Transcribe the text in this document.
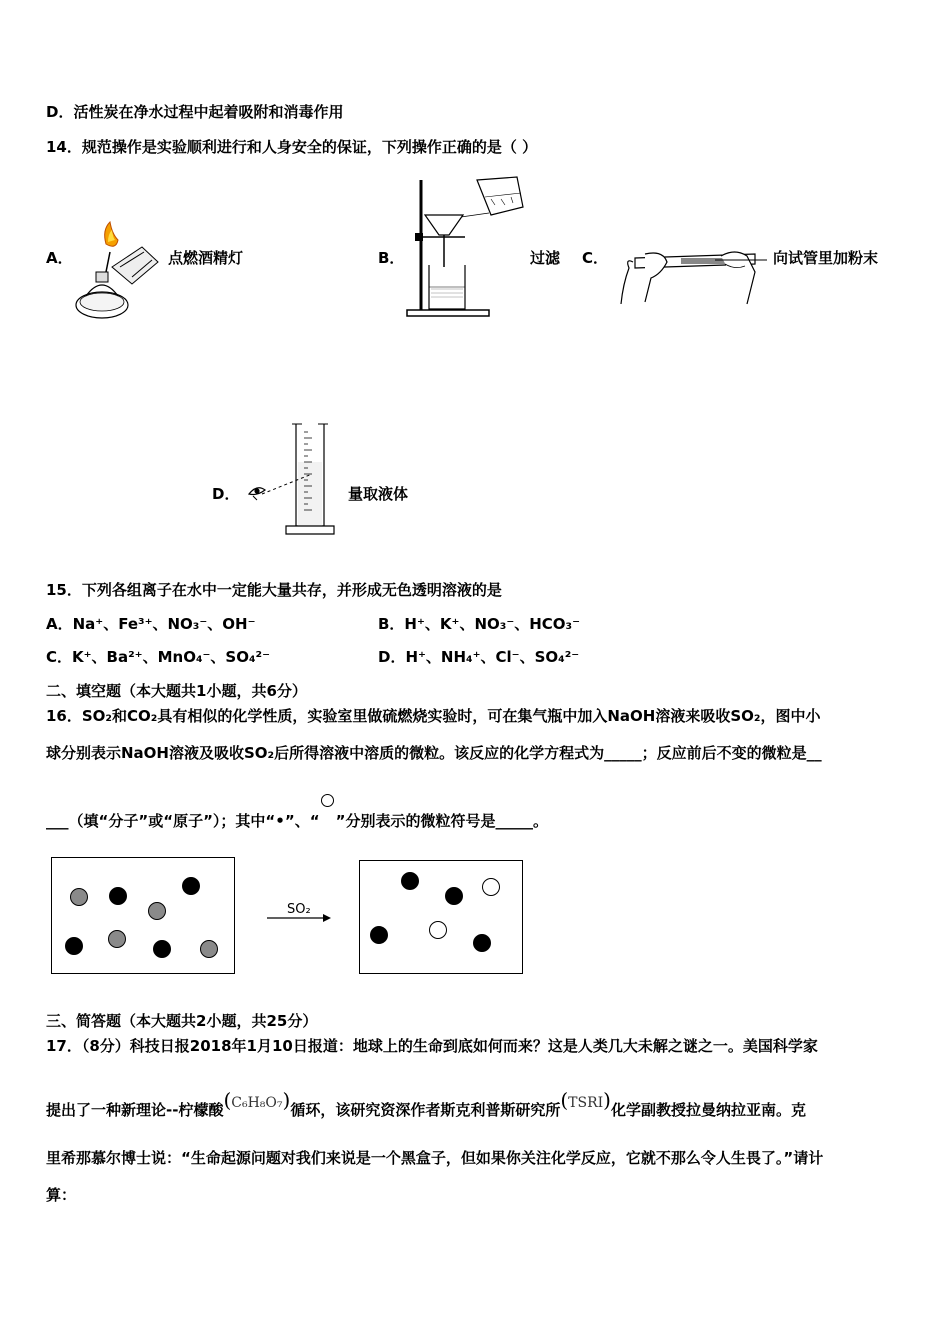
D．活性炭在净水过程中起着吸附和消毒作用
14．规范操作是实验顺利进行和人身安全的保证，下列操作正确的是（ ）
A．	点燃酒精灯	B．	过滤 C．	向试管里加粉末
D．	量取液体
15．下列各组离子在水中一定能大量共存，并形成无色透明溶液的是
A．Na⁺、Fe³⁺、NO₃⁻、OH⁻	B．H⁺、K⁺、NO₃⁻、HCO₃⁻
C．K⁺、Ba²⁺、MnO₄⁻、SO₄²⁻	D．H⁺、NH₄⁺、Cl⁻、SO₄²⁻
二、填空题（本大题共1小题，共6分）
16．SO₂和CO₂具有相似的化学性质，实验室里做硫燃烧实验时，可在集气瓶中加入NaOH溶液来吸收SO₂，图中小
球分别表示NaOH溶液及吸收SO₂后所得溶液中溶质的微粒。该反应的化学方程式为_____；反应前后不变的微粒是__
___（填“分子”或“原子”）；其中“•”、“ ”分别表示的微粒符号是_____。
SO₂
三、简答题（本大题共2小题，共25分）
17．（8分）科技日报2018年1月10日报道：地球上的生命到底如何而来？这是人类几大未解之谜之一。美国科学家
提出了一种新理论--柠檬酸(C₆H₈O₇)循环，该研究资深作者斯克利普斯研究所(TSRI)化学副教授拉曼纳拉亚南。克
里希那慕尔博士说：“生命起源问题对我们来说是一个黑盒子，但如果你关注化学反应，它就不那么令人生畏了。”请计
算：
